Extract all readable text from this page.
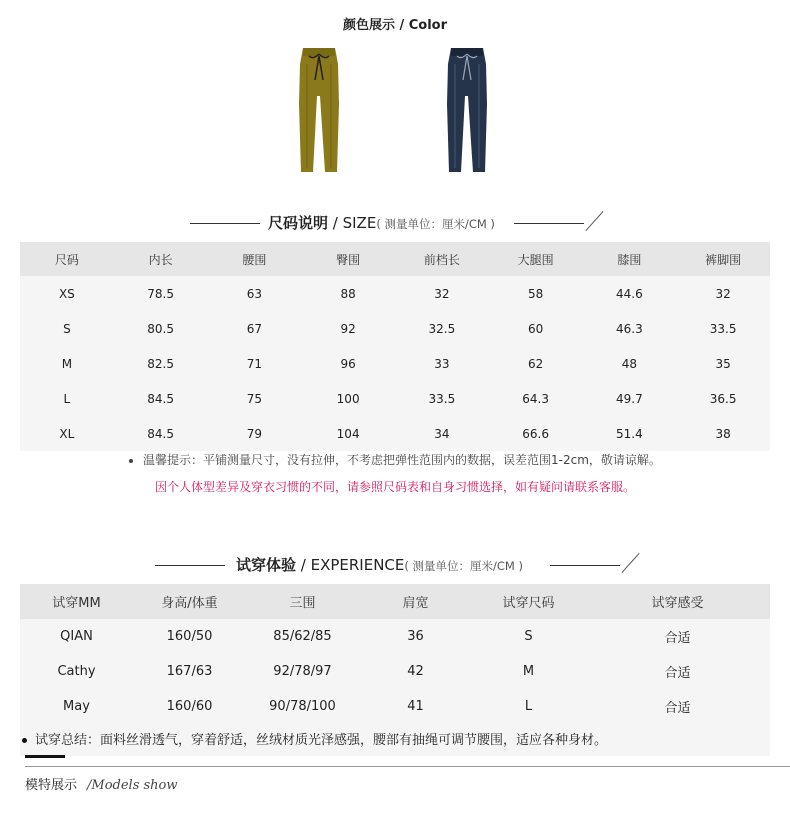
颜色展示 / Color
尺码说明 / SIZE( 测量单位：厘米/CM )
尺码	内长	腰围	臀围	前档长	大腿围	膝围	裤脚围
XS	78.5	63	88	32	58	44.6	32
S	80.5	67	92	32.5	60	46.3	33.5
M	82.5	71	96	33	62	48	35
L	84.5	75	100	33.5	64.3	49.7	36.5
XL	84.5	79	104	34	66.6	51.4	38
温馨提示：平铺测量尺寸，没有拉伸，不考虑把弹性范围内的数据，误差范围1-2cm，敬请谅解。
因个人体型差异及穿衣习惯的不同，请参照尺码表和自身习惯选择，如有疑问请联系客服。
试穿体验 / EXPERIENCE( 测量单位：厘米/CM )
试穿MM	身高/体重	三围	肩宽	试穿尺码	试穿感受
QIAN	160/50	85/62/85	36	S	合适
Cathy	167/63	92/78/97	42	M	合适
May	160/60	90/78/100	41	L	合适
试穿总结：面料丝滑透气，穿着舒适，丝绒材质光泽感强，腰部有抽绳可调节腰围，适应各种身材。
模特展示 /Models show
